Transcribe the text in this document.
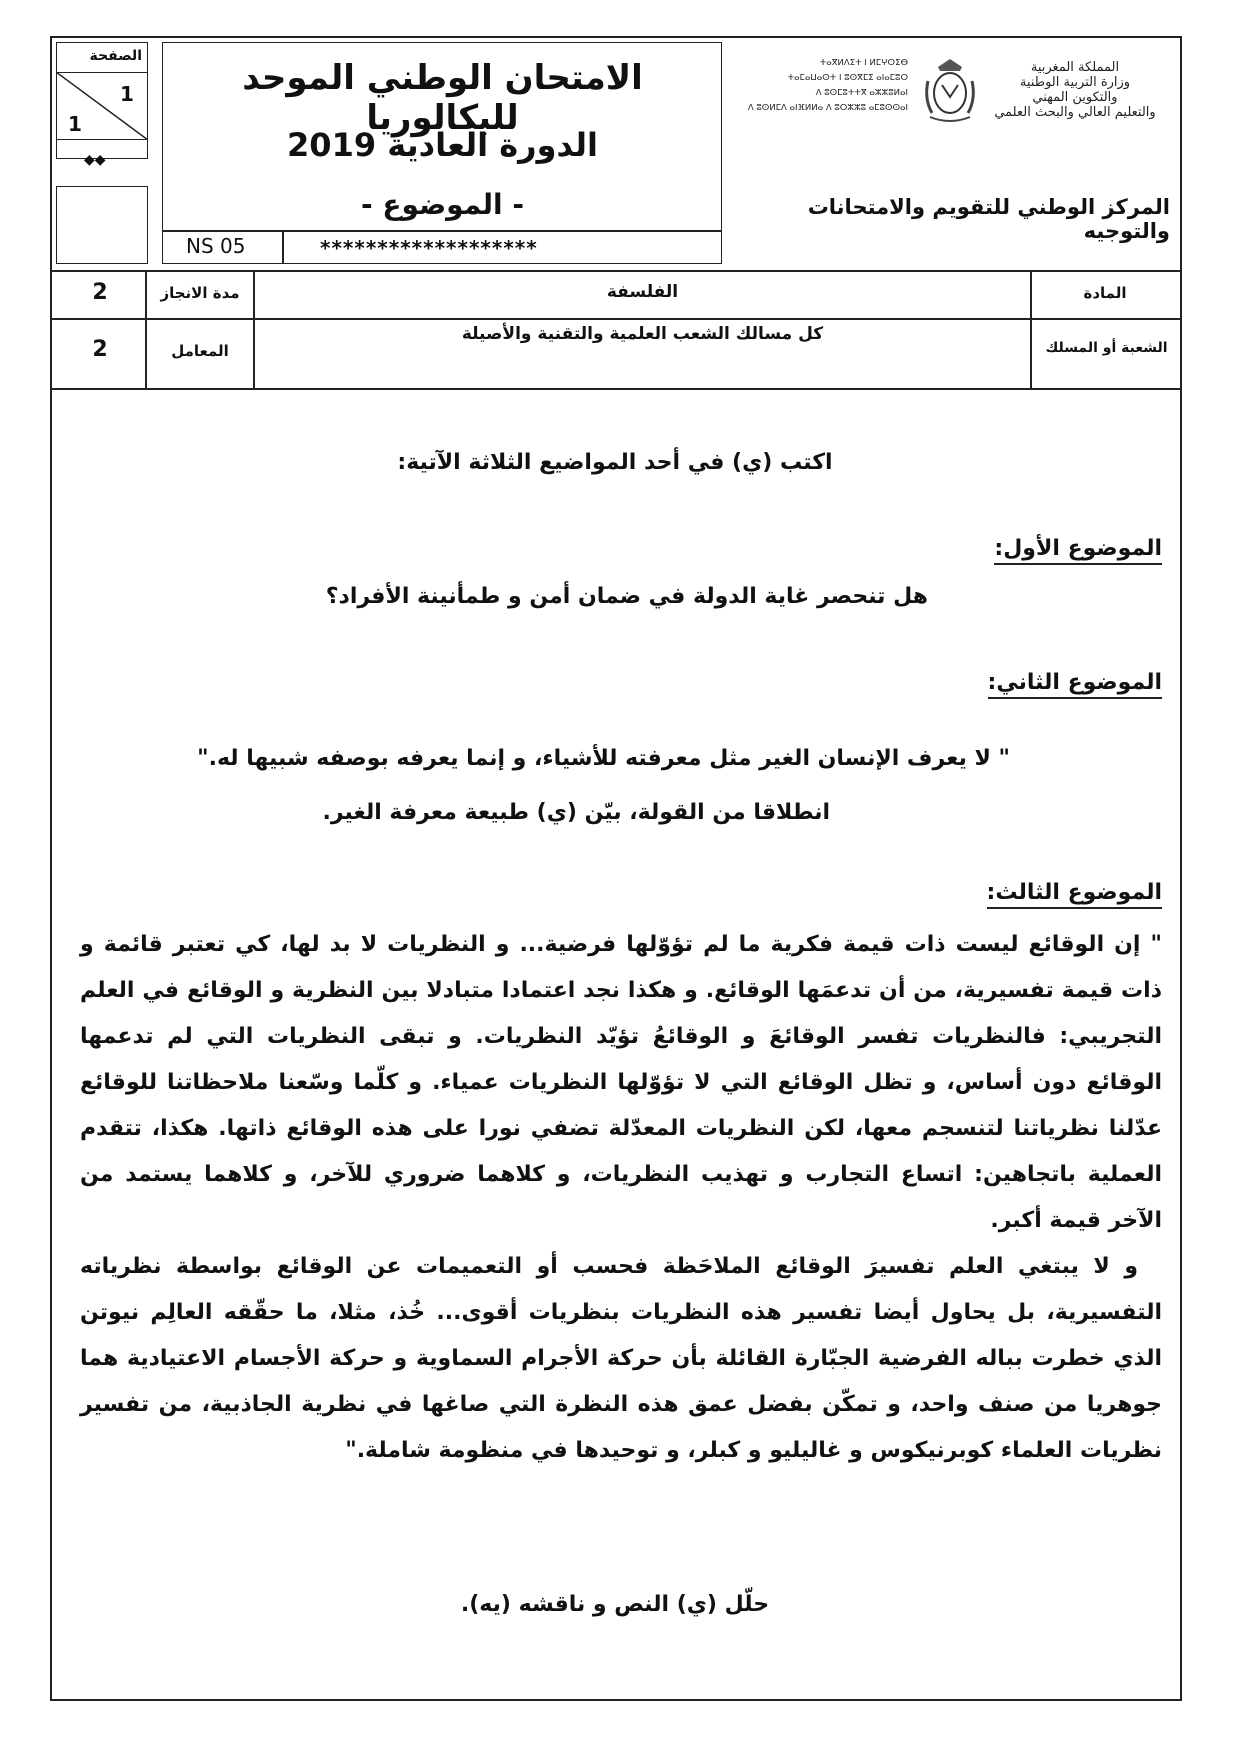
الصفحة
1
1
◆◆
الامتحان الوطني الموحد للبكالوريا
الدورة العادية 2019
- الموضوع -
NS 05	*******************
ⵜⴰⴳⵍⴷⵉⵜ ⵏ ⵍⵎⵖⵔⵉⴱ
ⵜⴰⵎⴰⵡⴰⵙⵜ ⵏ ⵓⵙⴳⵎⵉ ⴰⵏⴰⵎⵓⵔ
ⴷ ⵓⵙⵎⵓⵜⵜⴳ ⴰⵣⵣⵓⵍⴰⵏ
ⴷ ⵓⵙⵍⵎⴷ ⴰⵏⴼⵍⵍⴰ ⴷ ⵓⵔⵣⵣⵓ ⴰⵎⵓⵙⵙⴰⵏ
المملكة المغربية
وزارة التربية الوطنية
والتكوين المهني
والتعليم العالي والبحث العلمي
المركز الوطني للتقويم والامتحانات والتوجيه
المادة
الفلسفة
مدة الانجاز
2
الشعبة أو المسلك
كل مسالك الشعب العلمية والتقنية والأصيلة
المعامل
2
اكتب (ي) في أحد المواضيع الثلاثة الآتية:
الموضوع الأول:
هل تنحصر غاية الدولة في ضمان أمن و طمأنينة الأفراد؟
الموضوع الثاني:
" لا يعرف الإنسان الغير مثل معرفته للأشياء، و إنما يعرفه بوصفه شبيها له."
انطلاقا من القولة، بيّن (ي) طبيعة معرفة الغير.
الموضوع الثالث:

" إن الوقائع ليست ذات قيمة فكرية ما لم تؤوّلها فرضية... و النظريات لا بد لها، كي تعتبر قائمة و ذات قيمة تفسيرية، من أن تدعمَها الوقائع. و هكذا نجد اعتمادا متبادلا بين النظرية و الوقائع في العلم التجريبي: فالنظريات تفسر الوقائعَ و الوقائعُ تؤيّد النظريات. و تبقى النظريات التي لم تدعمها الوقائع دون أساس، و تظل الوقائع التي لا تؤوّلها النظريات عمياء. و كلّما وسّعنا ملاحظاتنا للوقائع عدّلنا نظرياتنا لتنسجم معها، لكن النظريات المعدّلة تضفي نورا على هذه الوقائع ذاتها. هكذا، تتقدم العملية باتجاهين: اتساع التجارب و تهذيب النظريات، و كلاهما ضروري للآخر، و كلاهما يستمد من الآخر قيمة أكبر.

و لا يبتغي العلم تفسيرَ الوقائع الملاحَظة فحسب أو التعميمات عن الوقائع بواسطة نظرياته التفسيرية، بل يحاول أيضا تفسير هذه النظريات بنظريات أقوى... خُذ، مثلا، ما حقّقه العالِم نيوتن الذي خطرت بباله الفرضية الجبّارة القائلة بأن حركة الأجرام السماوية و حركة الأجسام الاعتيادية هما جوهريا من صنف واحد، و تمكّن بفضل عمق هذه النظرة التي صاغها في نظرية الجاذبية، من تفسير نظريات العلماء كوبرنيكوس و غاليليو و كبلر، و توحيدها في منظومة شاملة."

حلّل (ي) النص و ناقشه (يه).
